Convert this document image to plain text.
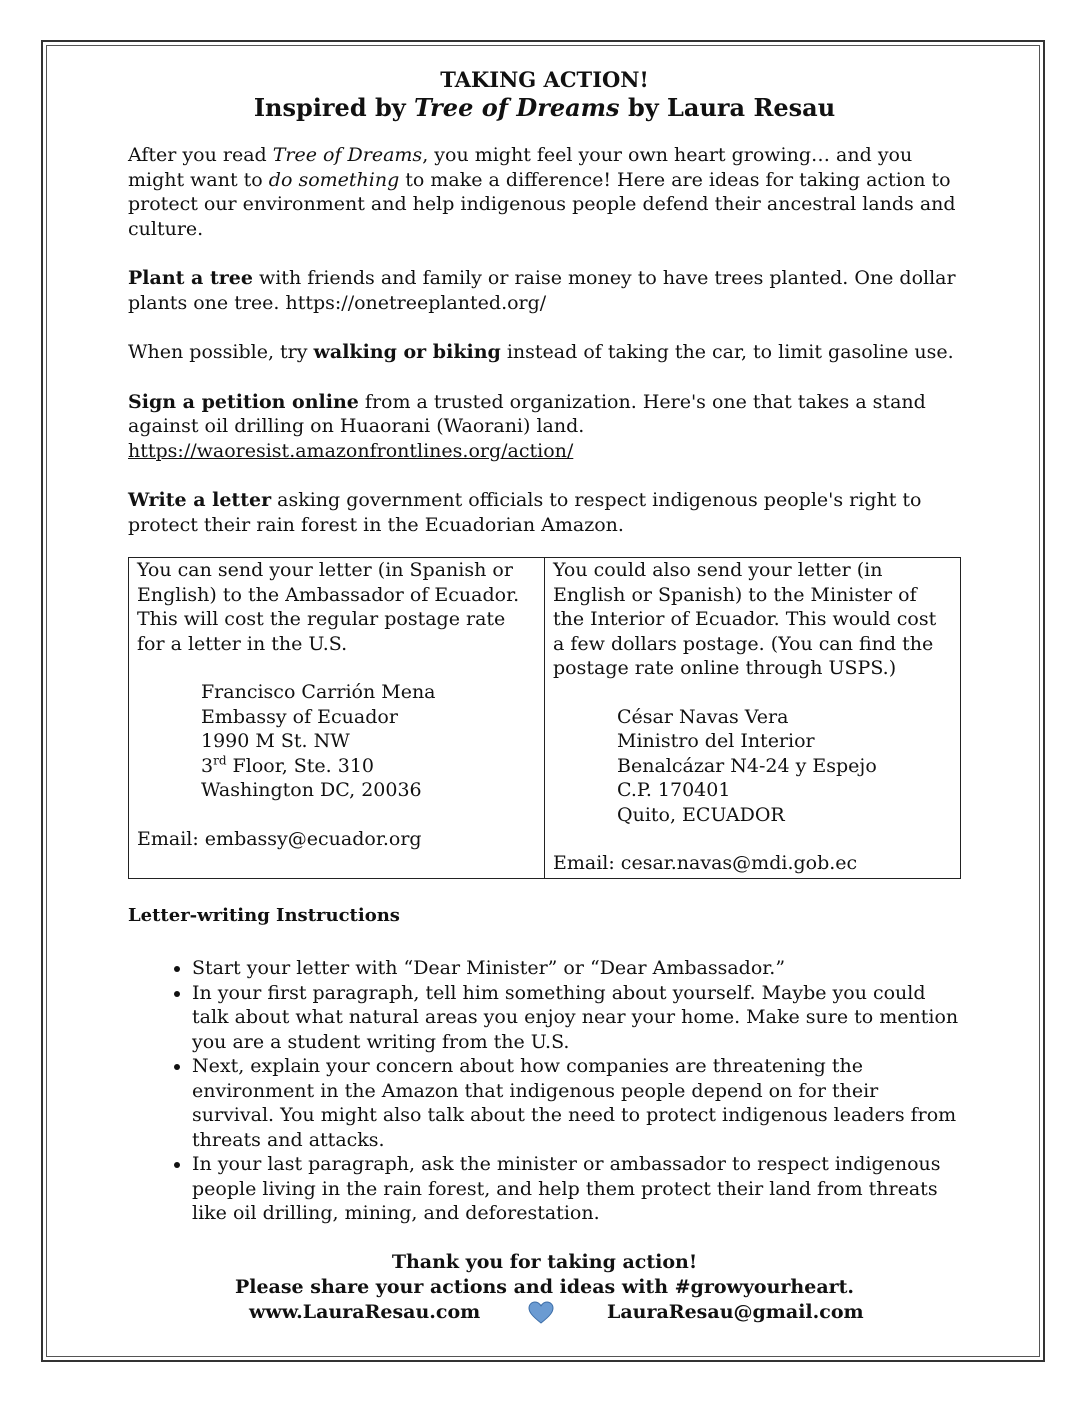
TAKING ACTION!
Inspired by Tree of Dreams by Laura Resau

After you read Tree of Dreams, you might feel your own heart growing… and you might want to do something to make a difference! Here are ideas for taking action to protect our environment and help indigenous people defend their ancestral lands and culture.

Plant a tree with friends and family or raise money to have trees planted. One dollar plants one tree. https://onetreeplanted.org/

When possible, try walking or biking instead of taking the car, to limit gasoline use.

Sign a petition online from a trusted organization. Here's one that takes a stand against oil drilling on Huaorani (Waorani) land. https://waoresist.amazonfrontlines.org/action/

Write a letter asking government officials to respect indigenous people's right to protect their rain forest in the Ecuadorian Amazon.

You can send your letter (in Spanish or English) to the Ambassador of Ecuador. This will cost the regular postage rate for a letter in the U.S.
Francisco Carrión Mena
Embassy of Ecuador
1990 M St. NW
3rd Floor, Ste. 310
Washington DC, 20036
Email: embassy@ecuador.org

You could also send your letter (in English or Spanish) to the Minister of the Interior of Ecuador. This would cost a few dollars postage. (You can find the postage rate online through USPS.)
César Navas Vera
Ministro del Interior
Benalcázar N4-24 y Espejo
C.P. 170401
Quito, ECUADOR
Email: cesar.navas@mdi.gob.ec
Letter-writing Instructions
• Start your letter with “Dear Minister” or “Dear Ambassador.”
• In your first paragraph, tell him something about yourself. Maybe you could talk about what natural areas you enjoy near your home. Make sure to mention you are a student writing from the U.S.
• Next, explain your concern about how companies are threatening the environment in the Amazon that indigenous people depend on for their survival. You might also talk about the need to protect indigenous leaders from threats and attacks.
• In your last paragraph, ask the minister or ambassador to respect indigenous people living in the rain forest, and help them protect their land from threats like oil drilling, mining, and deforestation.
Thank you for taking action!
Please share your actions and ideas with #growyourheart.
www.LauraResau.com	LauraResau@gmail.com
